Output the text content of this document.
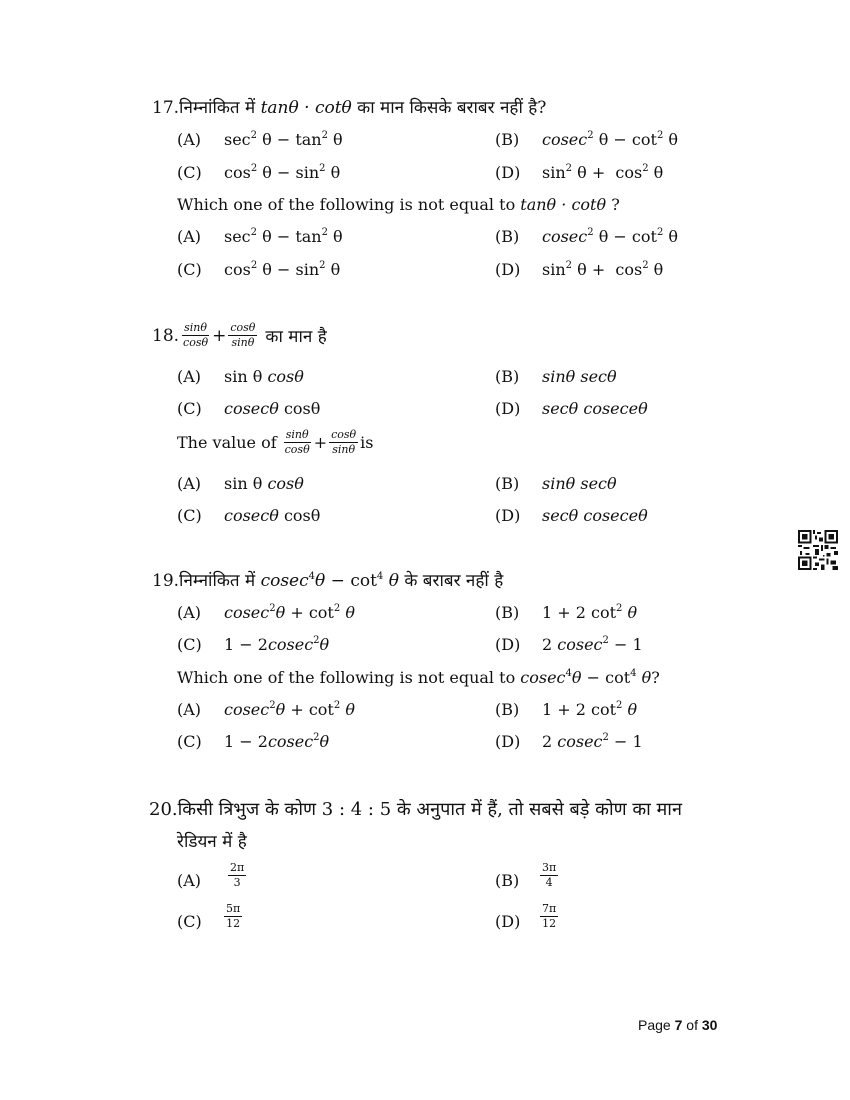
17.निम्नांकित में tanθ · cotθ का मान किसके बराबर नहीं है?
(A) $\sec^2 \theta - \tan^2 \theta$	(B) cosec$^2$ $\theta - \cot^2 \theta$
(C) $\cos^2 \theta - \sin^2 \theta$	(D) $\sin^2 \theta + \cos^2 \theta$
Which one of the following is not equal to tanθ · cotθ ?
(A) $\sec^2 \theta - \tan^2 \theta$	(B) cosec$^2$ $\theta - \cot^2 \theta$
(C) $\cos^2 \theta - \sin^2 \theta$	(D) $\sin^2 \theta + \cos^2 \theta$
18. $\frac{\sin\theta}{\cos\theta} + \frac{\cos\theta}{\sin\theta}$ का मान है
(A) sin θ cosθ	(B) sinθ secθ
(C) cosecθ cosθ	(D) secθ coseceθ
The value of $\frac{\sin\theta}{\cos\theta} + \frac{\cos\theta}{\sin\theta}$ is
(A) sin θ cosθ	(B) sinθ secθ
(C) cosecθ cosθ	(D) secθ coseceθ
19.निम्नांकित में $cosec^4\theta - \cot^4 \theta$ के बराबर नहीं है
(A) $cosec^2\theta + \cot^2 \theta$	(B) 1 + 2 $\cot^2 \theta$
(C) 1 − 2cosec$^2$θ	(D) 2 cosec$^2$ − 1
Which one of the following is not equal to $cosec^4\theta - \cot^4 \theta$?
(A) $cosec^2\theta + \cot^2 \theta$	(B) 1 + 2 $\cot^2 \theta$
(C) 1 − 2cosec$^2$θ	(D) 2 cosec$^2$ − 1
20.किसी त्रिभुज के कोण 3 : 4 : 5 के अनुपात में हैं, तो सबसे बड़े कोण का मान
रेडियन में है
$(A) \frac{2\pi}{3}$	$(B) \frac{3\pi}{4}$
$(C) \frac{5\pi}{12}$	$(D) \frac{7\pi}{12}$
Page 7 of 30
